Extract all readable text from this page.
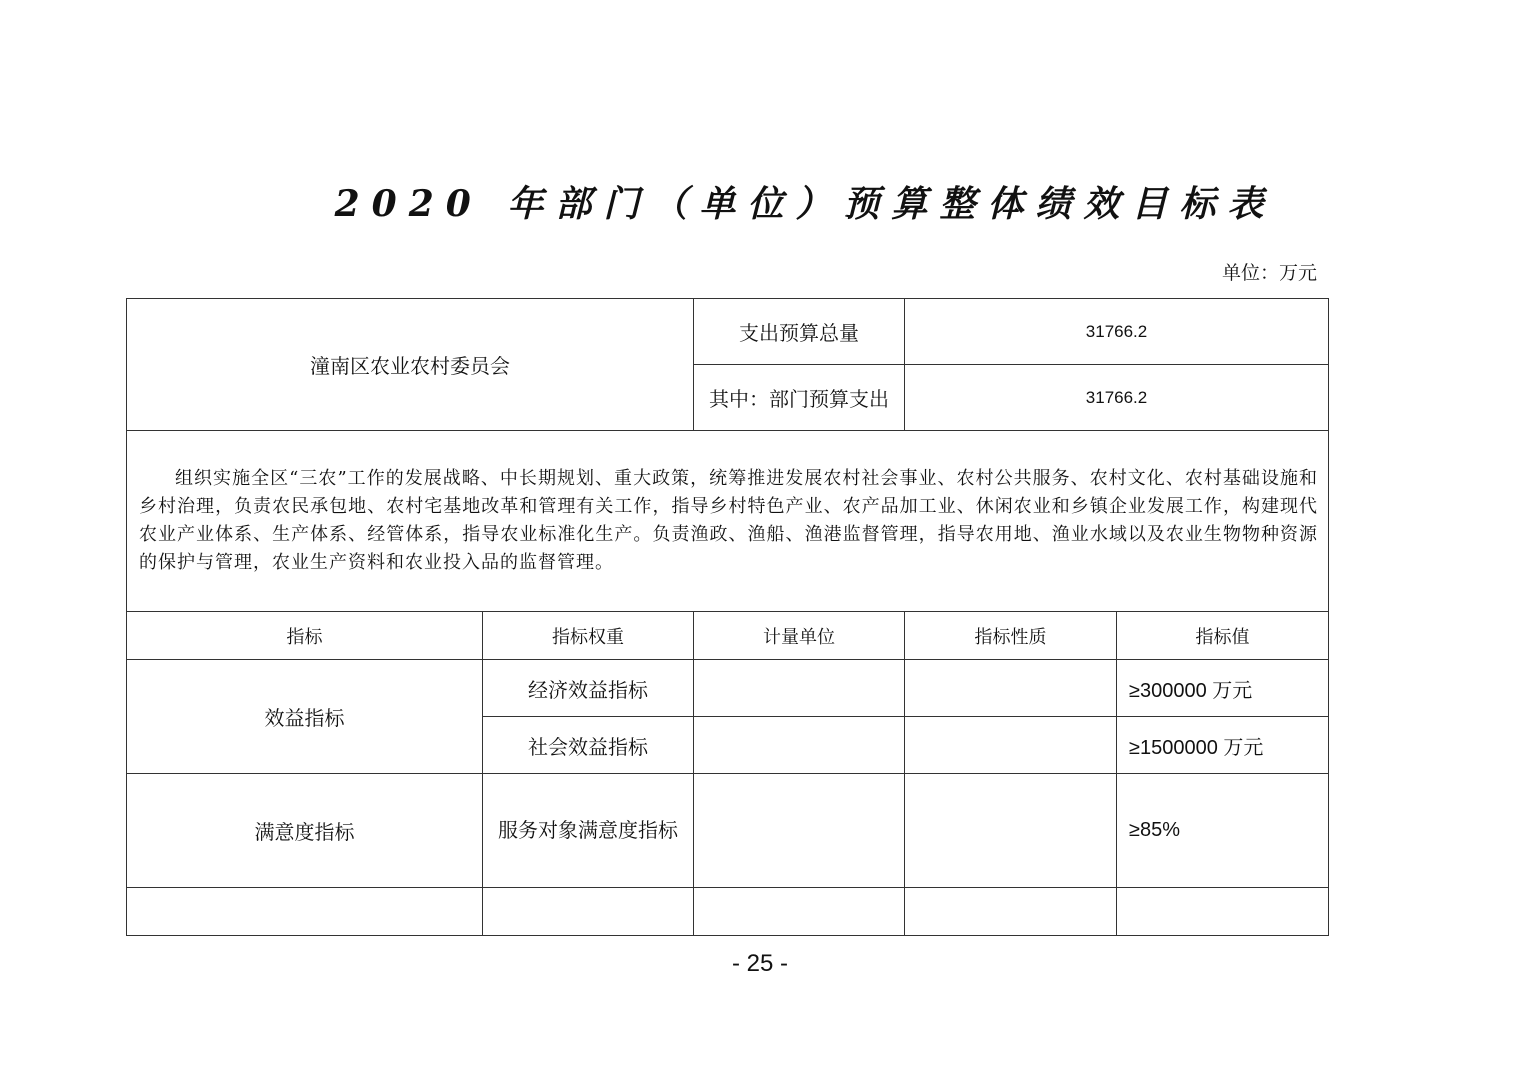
2020 年部门（单位）预算整体绩效目标表
单位：万元
潼南区农业农村委员会		支出预算总量	31766.2	
		其中：部门预算支出	31766.2	

组织实施全区“三农”工作的发展战略、中长期规划、重大政策，统筹推进发展农村社会事业、农村公共服务、农村文化、农村基础设施和乡村治理，负责农民承包地、农村宅基地改革和管理有关工作，指导乡村特色产业、农产品加工业、休闲农业和乡镇企业发展工作，构建现代农业产业体系、生产体系、经管体系，指导农业标准化生产。负责渔政、渔船、渔港监督管理，指导农用地、渔业水域以及农业生物物种资源的保护与管理，农业生产资料和农业投入品的监督管理。				

指标	指标权重	计量单位	指标性质	指标值
效益指标	经济效益指标			≥300000 万元
	社会效益指标			≥1500000 万元
满意度指标	服务对象满意度指标			≥85%

- 25 -
